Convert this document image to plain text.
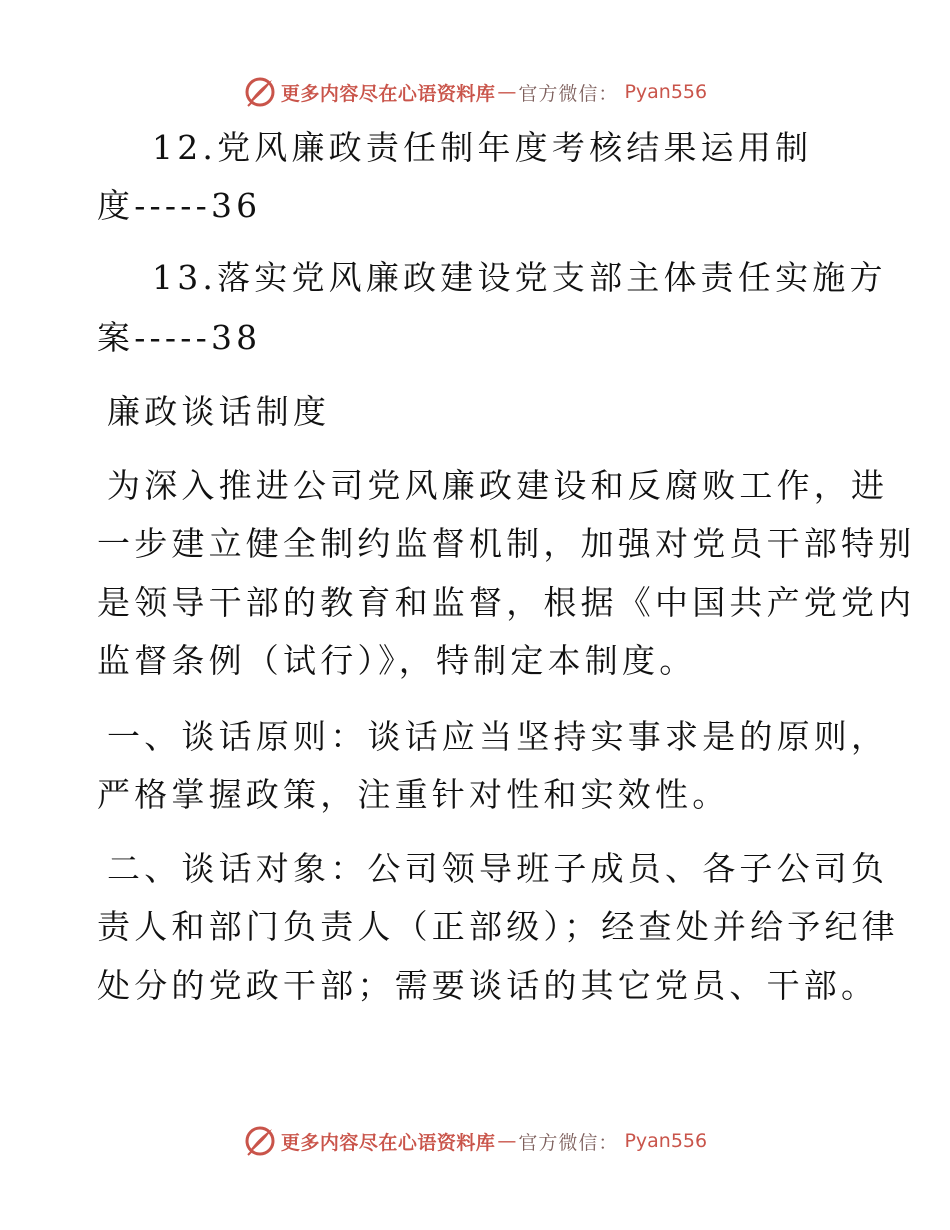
更多内容尽在心语资料库 — 官方微信： Pyan556
12.党风廉政责任制年度考核结果运用制
度-----36
13.落实党风廉政建设党支部主体责任实施方
案-----38
廉政谈话制度
为深入推进公司党风廉政建设和反腐败工作，进
一步建立健全制约监督机制，加强对党员干部特别
是领导干部的教育和监督，根据《中国共产党党内
监督条例（试行）》，特制定本制度。
一、谈话原则：谈话应当坚持实事求是的原则，
严格掌握政策，注重针对性和实效性。
二、谈话对象：公司领导班子成员、各子公司负
责人和部门负责人（正部级）；经查处并给予纪律
处分的党政干部；需要谈话的其它党员、干部。
更多内容尽在心语资料库 — 官方微信： Pyan556
